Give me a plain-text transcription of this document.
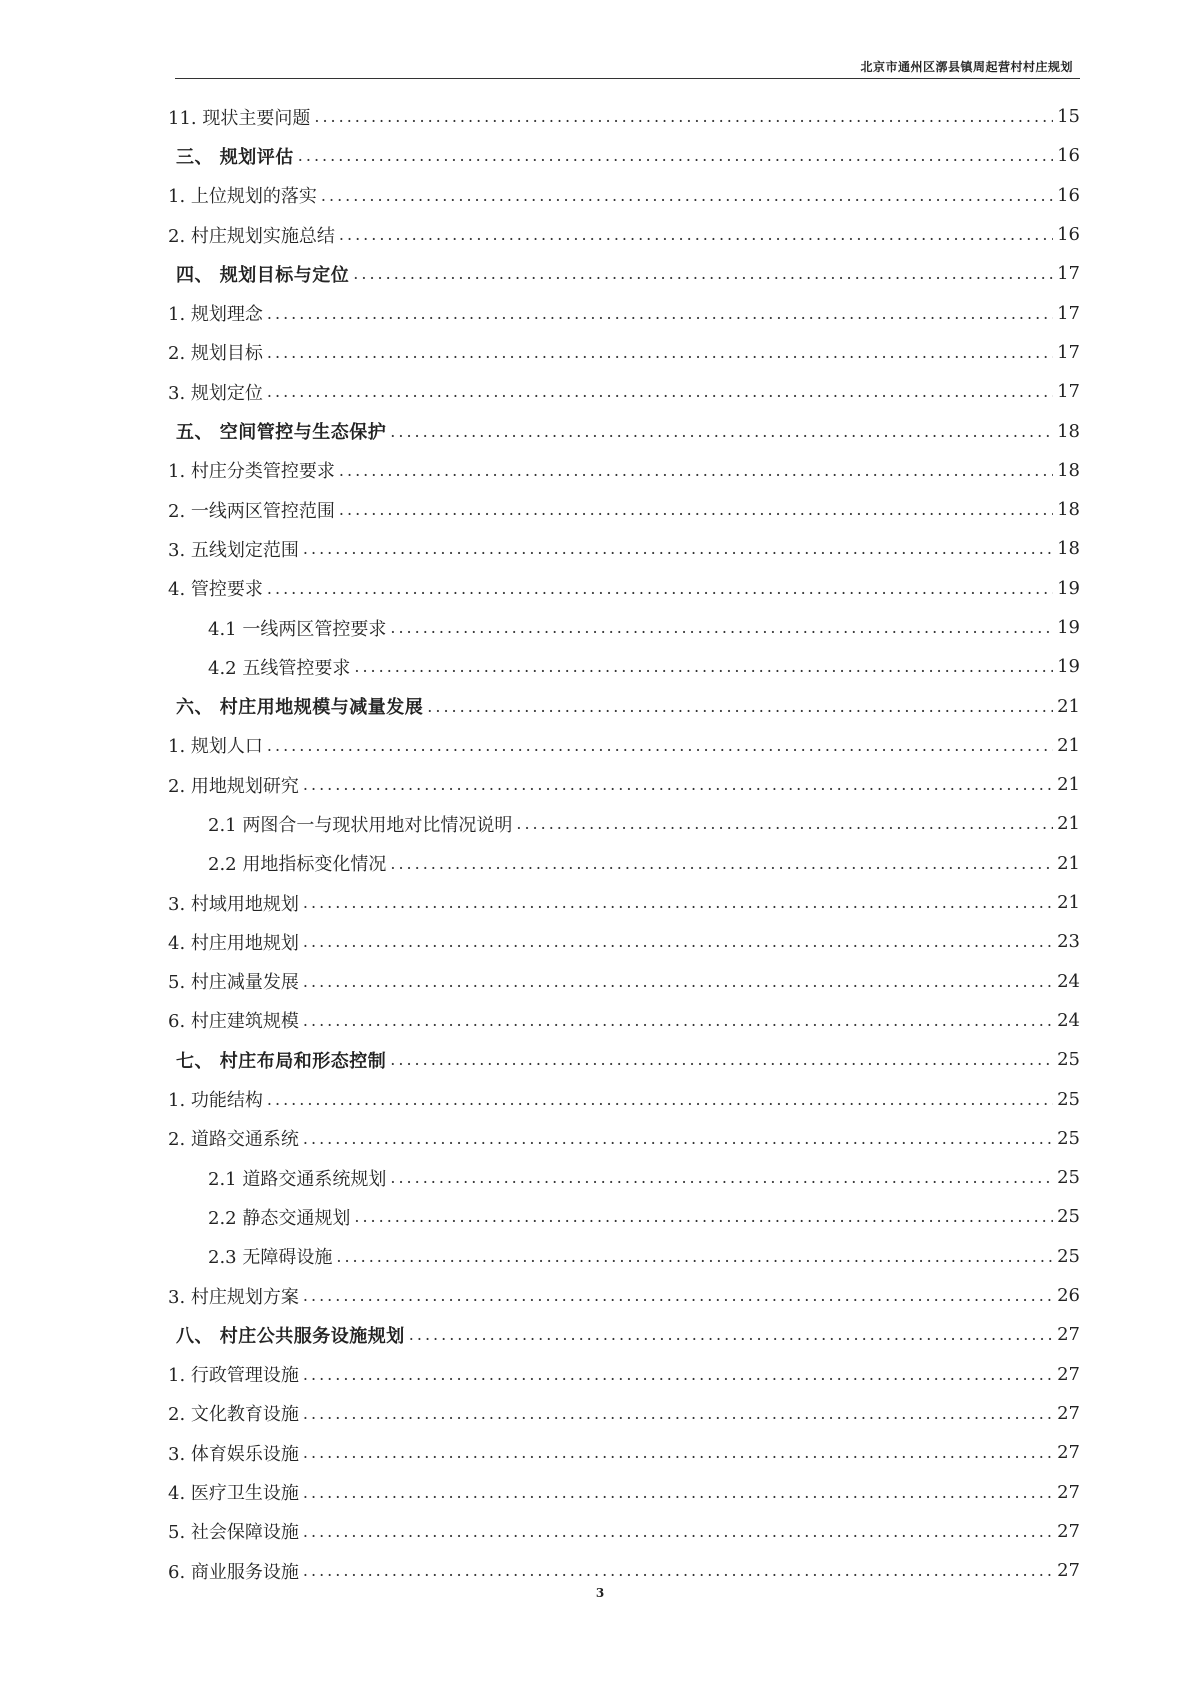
北京市通州区漷县镇周起营村村庄规划
11. 现状主要问题 .....	15
三、 规划评估 .....	16
1. 上位规划的落实 .....	16
2. 村庄规划实施总结 .....	16
四、 规划目标与定位 .....	17
1. 规划理念 .....	17
2. 规划目标 .....	17
3. 规划定位 .....	17
五、 空间管控与生态保护 .....	18
1. 村庄分类管控要求 .....	18
2. 一线两区管控范围 .....	18
3. 五线划定范围 .....	18
4. 管控要求 .....	19
4.1 一线两区管控要求 .....	19
4.2 五线管控要求 .....	19
六、 村庄用地规模与减量发展 .....	21
1. 规划人口 .....	21
2. 用地规划研究 .....	21
2.1 两图合一与现状用地对比情况说明 .....	21
2.2 用地指标变化情况 .....	21
3. 村域用地规划 .....	21
4. 村庄用地规划 .....	23
5. 村庄减量发展 .....	24
6. 村庄建筑规模 .....	24
七、 村庄布局和形态控制 .....	25
1. 功能结构 .....	25
2. 道路交通系统 .....	25
2.1 道路交通系统规划 .....	25
2.2 静态交通规划 .....	25
2.3 无障碍设施 .....	25
3. 村庄规划方案 .....	26
八、 村庄公共服务设施规划 .....	27
1. 行政管理设施 .....	27
2. 文化教育设施 .....	27
3. 体育娱乐设施 .....	27
4. 医疗卫生设施 .....	27
5. 社会保障设施 .....	27
6. 商业服务设施 .....	27
3
